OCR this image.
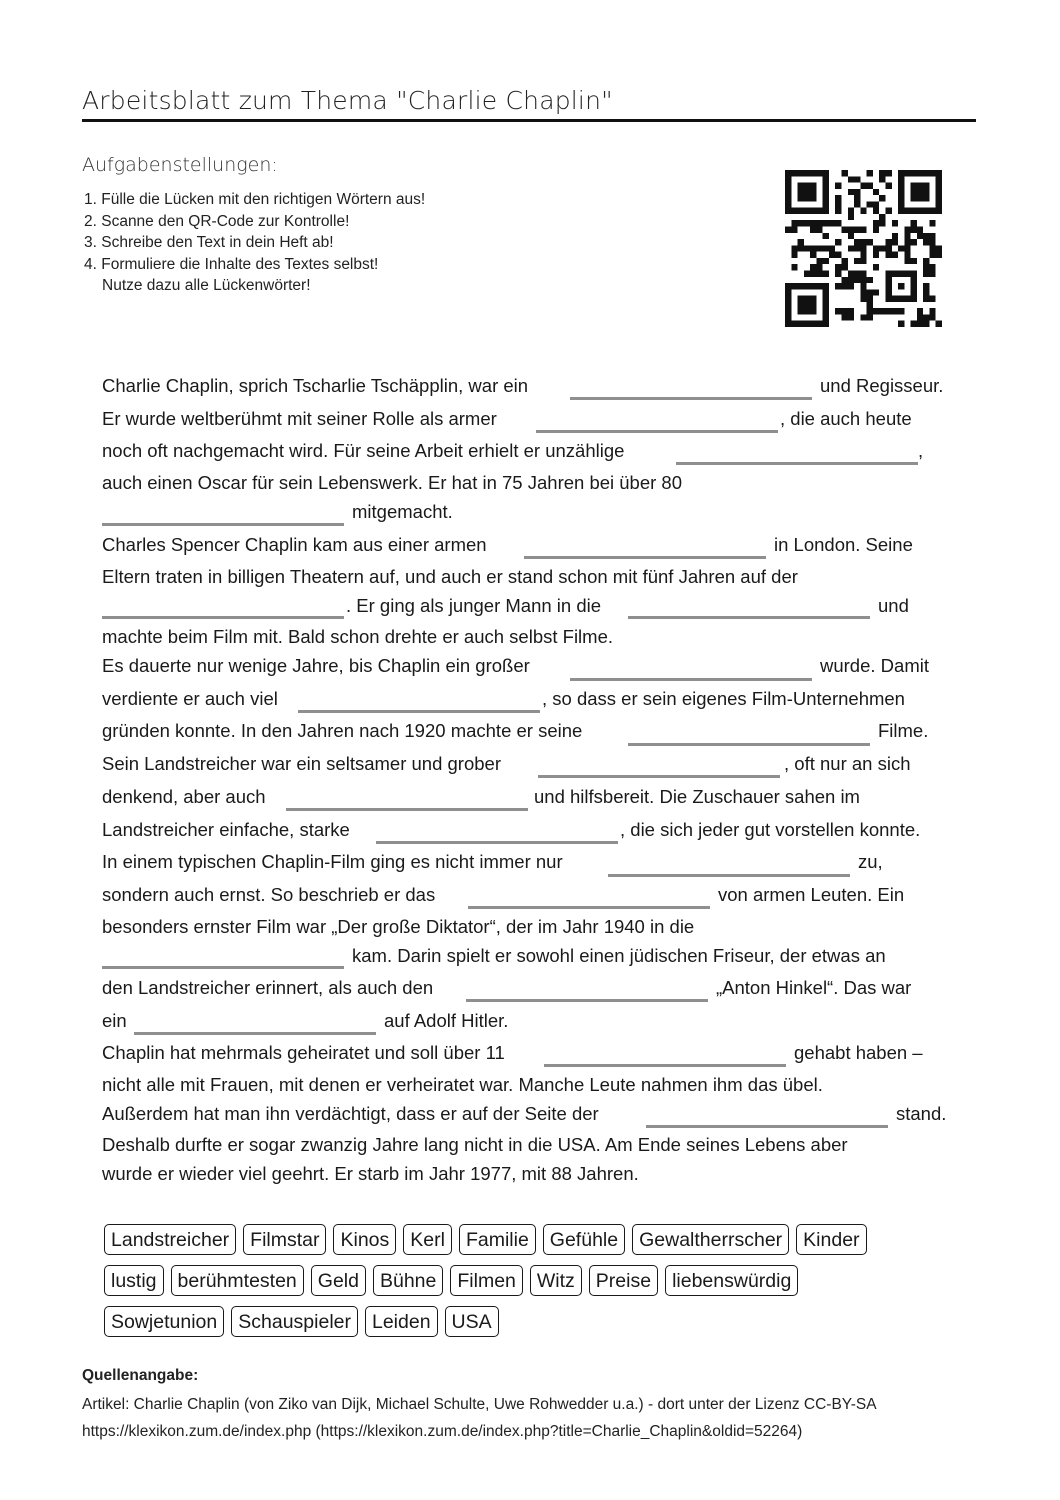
Arbeitsblatt zum Thema "Charlie Chaplin"
Aufgabenstellungen:
1. Fülle die Lücken mit den richtigen Wörtern aus!
2. Scanne den QR-Code zur Kontrolle!
3. Schreibe den Text in dein Heft ab!
4. Formuliere die Inhalte des Textes selbst!
Nutze dazu alle Lückenwörter!
Charlie Chaplin, sprich Tscharlie Tschäpplin, war ein	und Regisseur.
Er wurde weltberühmt mit seiner Rolle als armer	, die auch heute
noch oft nachgemacht wird. Für seine Arbeit erhielt er unzählige	,
auch einen Oscar für sein Lebenswerk. Er hat in 75 Jahren bei über 80
mitgemacht.
Charles Spencer Chaplin kam aus einer armen	in London. Seine
Eltern traten in billigen Theatern auf, und auch er stand schon mit fünf Jahren auf der
. Er ging als junger Mann in die	und
machte beim Film mit. Bald schon drehte er auch selbst Filme.
Es dauerte nur wenige Jahre, bis Chaplin ein großer	wurde. Damit
verdiente er auch viel	, so dass er sein eigenes Film-Unternehmen
gründen konnte. In den Jahren nach 1920 machte er seine	Filme.
Sein Landstreicher war ein seltsamer und grober	, oft nur an sich
denkend, aber auch	und hilfsbereit. Die Zuschauer sahen im
Landstreicher einfache, starke	, die sich jeder gut vorstellen konnte.
In einem typischen Chaplin-Film ging es nicht immer nur	zu,
sondern auch ernst. So beschrieb er das	von armen Leuten. Ein
besonders ernster Film war „Der große Diktator“, der im Jahr 1940 in die
kam. Darin spielt er sowohl einen jüdischen Friseur, der etwas an
den Landstreicher erinnert, als auch den	„Anton Hinkel“. Das war
ein	auf Adolf Hitler.
Chaplin hat mehrmals geheiratet und soll über 11	gehabt haben –
nicht alle mit Frauen, mit denen er verheiratet war. Manche Leute nahmen ihm das übel.
Außerdem hat man ihn verdächtigt, dass er auf der Seite der	stand.
Deshalb durfte er sogar zwanzig Jahre lang nicht in die USA. Am Ende seines Lebens aber
wurde er wieder viel geehrt. Er starb im Jahr 1977, mit 88 Jahren.
Landstreicher	Filmstar	Kinos	Kerl	Familie	Gefühle	Gewaltherrscher	Kinder
lustig	berühmtesten	Geld	Bühne	Filmen	Witz	Preise	liebenswürdig
Sowjetunion	Schauspieler	Leiden	USA
Quellenangabe:
Artikel: Charlie Chaplin (von Ziko van Dijk, Michael Schulte, Uwe Rohwedder u.a.) - dort unter der Lizenz CC-BY-SA
https://klexikon.zum.de/index.php (https://klexikon.zum.de/index.php?title=Charlie_Chaplin&oldid=52264)
